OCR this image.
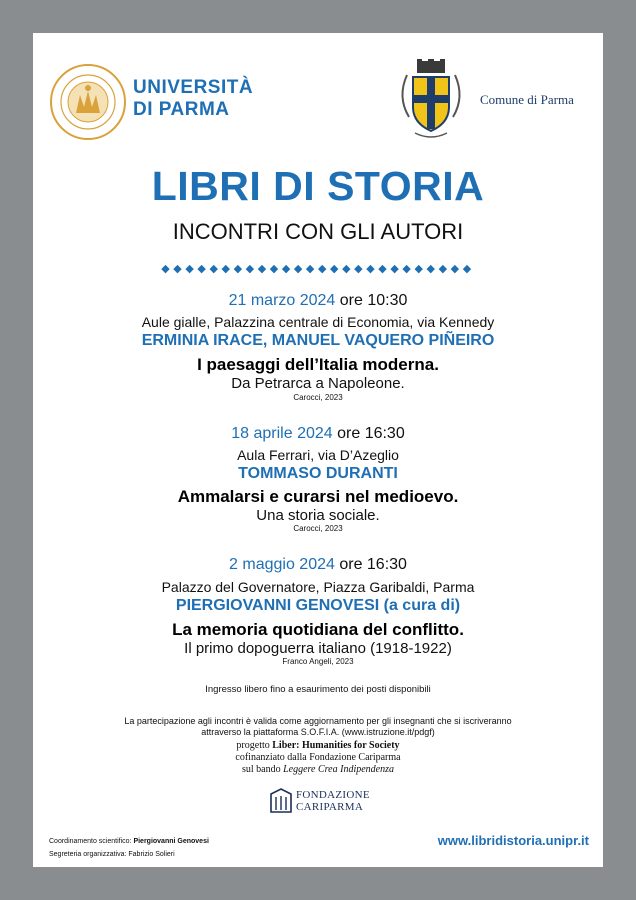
UNIVERSITÀ
DI PARMA	Comune di Parma
LIBRI DI STORIA
INCONTRI CON GLI AUTORI
◆◆◆◆◆◆◆◆◆◆◆◆◆◆◆◆◆◆◆◆◆◆◆◆◆◆
21 marzo 2024 ore 10:30
Aule gialle, Palazzina centrale di Economia, via Kennedy
ERMINIA IRACE, MANUEL VAQUERO PIÑEIRO
I paesaggi dell’Italia moderna.
Da Petrarca a Napoleone.
Carocci, 2023
18 aprile 2024 ore 16:30
Aula Ferrari, via D’Azeglio
TOMMASO DURANTI
Ammalarsi e curarsi nel medioevo.
Una storia sociale.
Carocci, 2023
2 maggio 2024 ore 16:30
Palazzo del Governatore, Piazza Garibaldi, Parma
PIERGIOVANNI GENOVESI (a cura di)
La memoria quotidiana del conflitto.
Il primo dopoguerra italiano (1918-1922)
Franco Angeli, 2023
Ingresso libero fino a esaurimento dei posti disponibili
La partecipazione agli incontri è valida come aggiornamento per gli insegnanti che si iscriveranno
attraverso la piattaforma S.O.F.I.A. (www.istruzione.it/pdgf)
progetto Liber: Humanities for Society
cofinanziato dalla Fondazione Cariparma
sul bando Leggere Crea Indipendenza
FONDAZIONE
CARIPARMA
Coordinamento scientifico: Piergiovanni Genovesi
Segreteria organizzativa: Fabrizio Solieri
www.libridistoria.unipr.it
